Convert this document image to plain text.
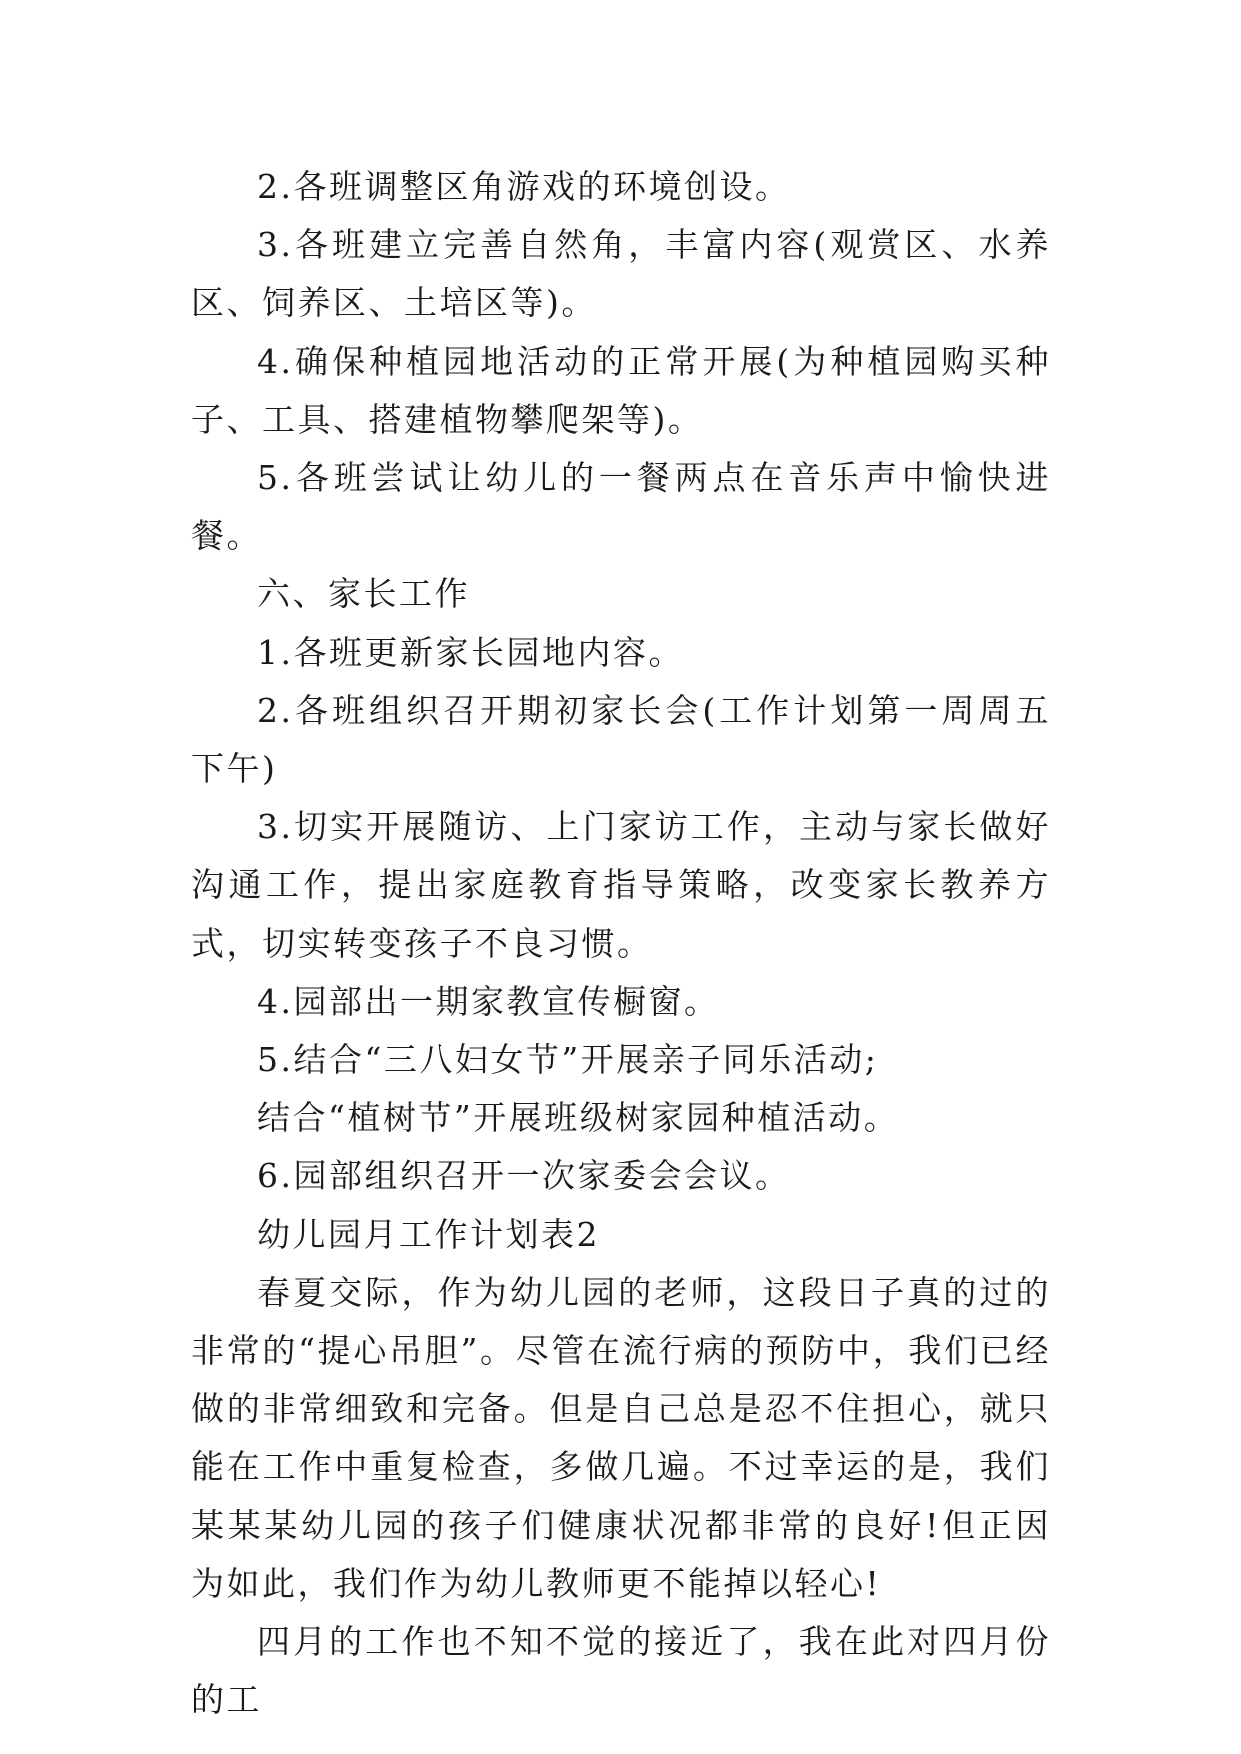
2.各班调整区角游戏的环境创设。

3.各班建立完善自然角，丰富内容(观赏区、水养区、饲养区、土培区等)。

4.确保种植园地活动的正常开展(为种植园购买种子、工具、搭建植物攀爬架等)。

5.各班尝试让幼儿的一餐两点在音乐声中愉快进餐。

六、家长工作

1.各班更新家长园地内容。

2.各班组织召开期初家长会(工作计划第一周周五下午)

3.切实开展随访、上门家访工作，主动与家长做好沟通工作，提出家庭教育指导策略，改变家长教养方式，切实转变孩子不良习惯。

4.园部出一期家教宣传橱窗。

5.结合“三八妇女节”开展亲子同乐活动;

结合“植树节”开展班级树家园种植活动。

6.园部组织召开一次家委会会议。

幼儿园月工作计划表2

春夏交际，作为幼儿园的老师，这段日子真的过的非常的“提心吊胆”。尽管在流行病的预防中，我们已经做的非常细致和完备。但是自己总是忍不住担心，就只能在工作中重复检查，多做几遍。不过幸运的是，我们某某某幼儿园的孩子们健康状况都非常的良好!但正因为如此，我们作为幼儿教师更不能掉以轻心!

四月的工作也不知不觉的接近了，我在此对四月份的工
